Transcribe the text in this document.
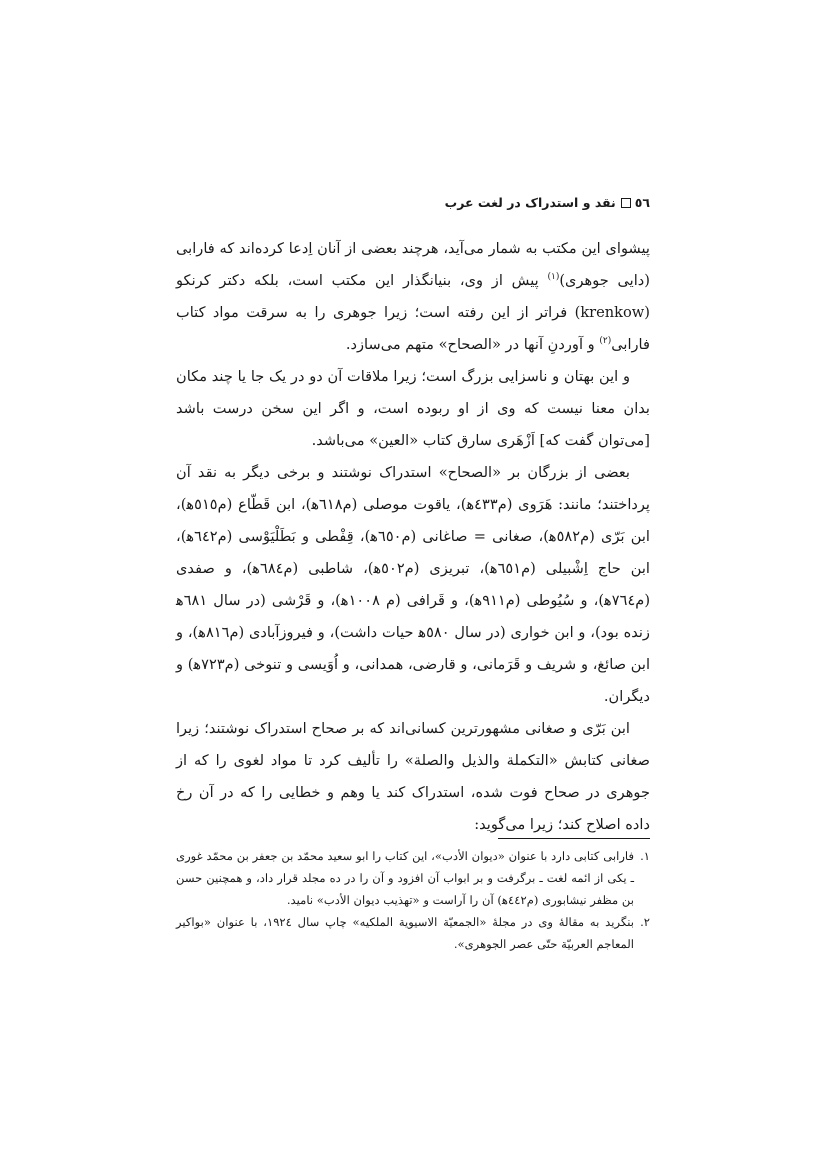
٥٦نقد و استدراک در لغت عرب

پیشوای این مکتب به شمار می‌آید، هرچند بعضی از آنان اِدعا کرده‌اند که فارابی (دایی جوهری)$^{(۱)}$ پیش از وی، بنیانگذار این مکتب است، بلکه دکتر کرنکو (krenkow) فراتر از این رفته است؛ زیرا جوهری را به سرقت مواد کتاب فارابی$^{(۲)}$ و آوردنِ آنها در «الصحاح» متهم می‌سازد.

و این بهتان و ناسزایی بزرگ است؛ زیرا ملاقات آن دو در یک جا یا چند مکان بدان معنا نیست که وی از او ربوده است، و اگر این سخن درست باشد [می‌توان گفت که] اَزْهَری سارق کتاب «العین» می‌باشد.

بعضی از بزرگان بر «الصحاح» استدراک نوشتند و برخی دیگر به نقد آن پرداختند؛ مانند: هَرَوی (م٤٣٣ﻫ)، یاقوت موصلی (م٦١٨ﻫ)، ابن قَطّاع (م٥١٥ﻫ)، ابن بَرّی (م٥٨٢ﻫ)، صغانی = صاغانی (م٦٥٠ﻫ)، قِفْطی و بَطَلْیَوْسی (م٦٤٢ﻫ)، ابن حاج اِشْبیلی (م٦٥١ﻫ)، تبریزی (م٥٠٢ﻫ)، شاطبی (م٦٨٤ﻫ)، و صفدی (م٧٦٤ﻫ)، و سُیُوطی (م٩١١ﻫ)، و قَرافی (م ١٠٠٨ﻫ)، و قَرْشی (در سال ٦٨١ﻫ زنده بود)، و ابن خواری (در سال ٥٨٠ﻫ حیات داشت)، و فیروزآبادی (م٨١٦ﻫ)، و ابن صائغ، و شریف و قَرَمانی، و قارضی، همدانی، و اُوَیسی و تنوخی (م٧٢٣ﻫ) و دیگران.

ابن بَرّی و صغانی مشهورترین کسانی‌اند که بر صحاح استدراک نوشتند؛ زیرا صغانی کتابش «التکملة والذیل والصلة» را تألیف کرد تا مواد لغوی را که از جوهری در صحاح فوت شده، استدراک کند یا وهم و خطایی را که در آن رخ داده اصلاح کند؛ زیرا می‌گوید:

۱.
فارابی کتابی دارد با عنوان «دیوان الأدب»، این کتاب را ابو سعید محمّد بن جعفر بن محمّد غوری ـ یکی از ائمه لغت ـ برگرفت و بر ابواب آن افزود و آن را در ده مجلد قرار داد، و همچنین حسن بن مظفر نیشابوری (م٤٤٢ﻫ) آن را آراست و «تهذیب دیوان الأدب» نامید.

۲.
بنگرید به مقالهٔ وی در مجلهٔ «الجمعیّة الاسیویة الملکیه» چاپ سال ١٩٢٤، با عنوان «بواکیر المعاجم العربیّة حتّی عصر الجوهری».
